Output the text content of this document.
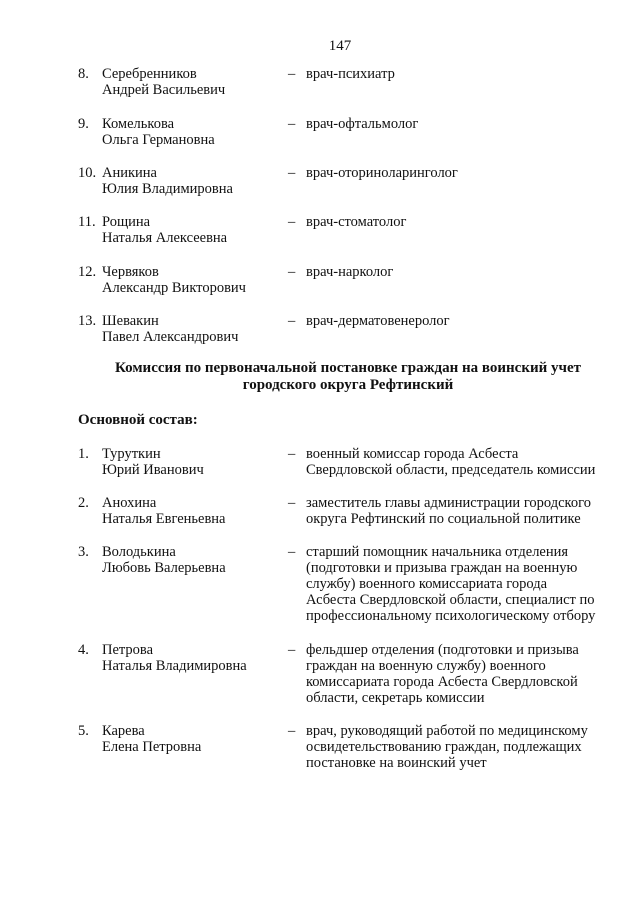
147
8. Серебренников
Андрей Васильевич
– врач-психиатр
9. Комелькова
Ольга Германовна
– врач-офтальмолог
10. Аникина
Юлия Владимировна
– врач-оториноларинголог
11. Рощина
Наталья Алексеевна
– врач-стоматолог
12. Червяков
Александр Викторович
– врач-нарколог
13. Шевакин
Павел Александрович
– врач-дерматовенеролог
Комиссия по первоначальной постановке граждан на воинский учет
городского округа Рефтинский
Основной состав:
1. Туруткин
Юрий Иванович
– военный комиссар города Асбеста
Свердловской области, председатель комиссии
2. Анохина
Наталья Евгеньевна
– заместитель главы администрации городского
округа Рефтинский по социальной политике
3. Володькина
Любовь Валерьевна
– старший помощник начальника отделения
(подготовки и призыва граждан на военную
службу) военного комиссариата города
Асбеста Свердловской области, специалист по
профессиональному психологическому отбору
4. Петрова
Наталья Владимировна
– фельдшер отделения (подготовки и призыва
граждан на военную службу) военного
комиссариата города Асбеста Свердловской
области, секретарь комиссии
5. Карева
Елена Петровна
– врач, руководящий работой по медицинскому
освидетельствованию граждан, подлежащих
постановке на воинский учет
